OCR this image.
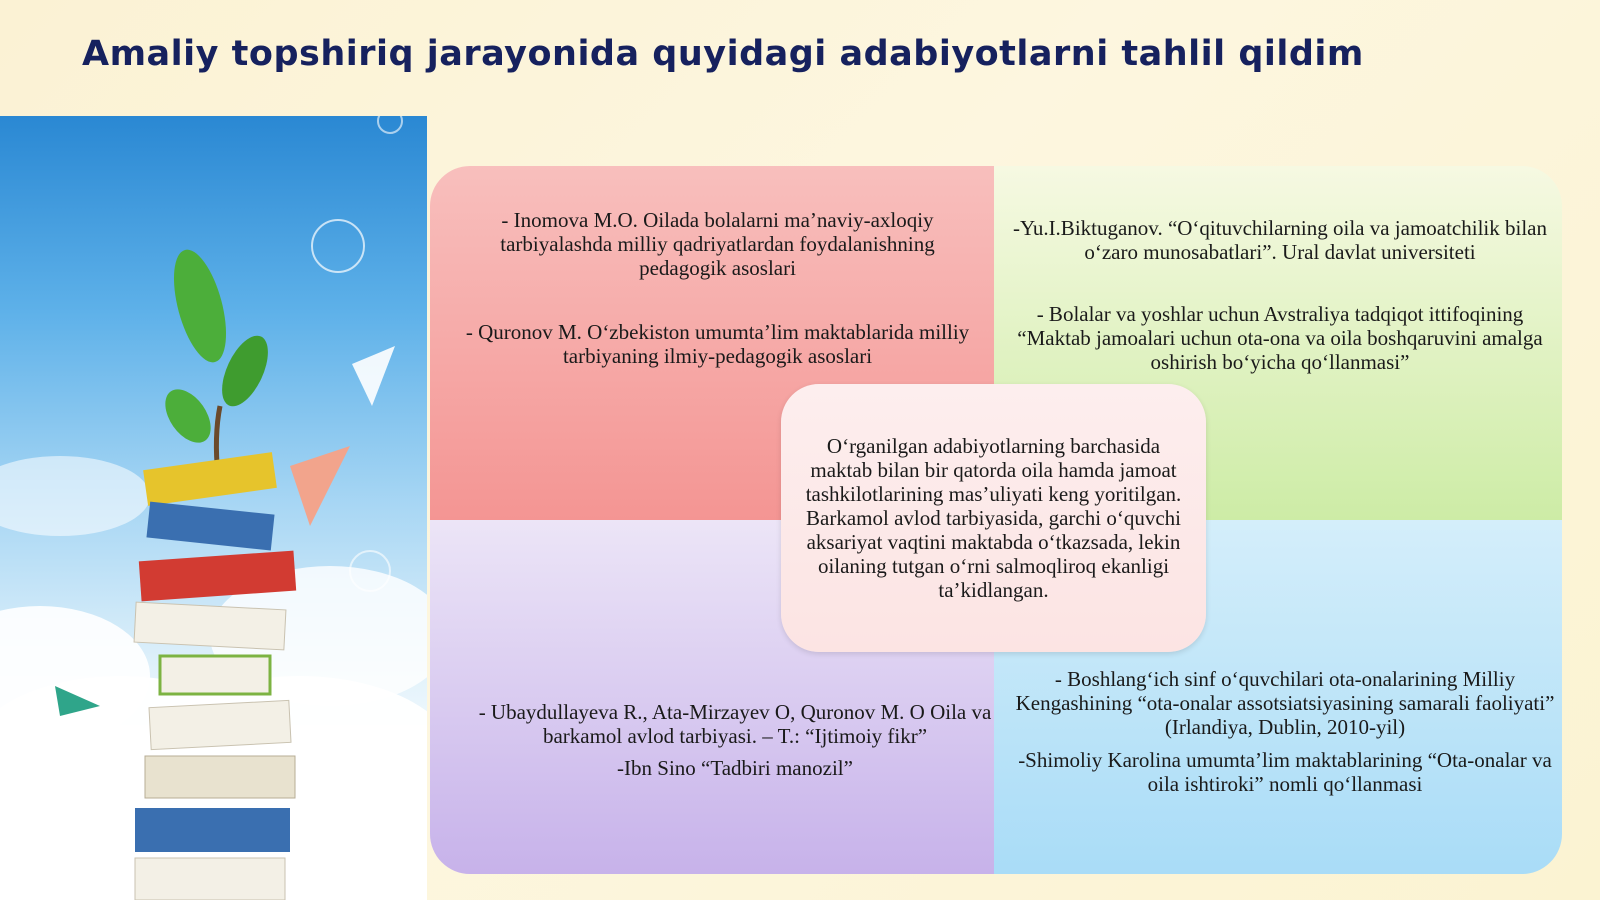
Amaliy topshiriq jarayonida quyidagi adabiyotlarni tahlil qildim

- Inomova M.O. Oilada bolalarni ma’naviy-axloqiy tarbiyalashda milliy qadriyatlardan foydalanishning pedagogik asoslari

- Quronov M. O‘zbekiston umumta’lim maktablarida milliy tarbiyaning ilmiy-pedagogik asoslari

-Yu.I.Biktuganov. “O‘qituvchilarning oila va jamoatchilik bilan o‘zaro munosabatlari”. Ural davlat universiteti

- Bolalar va yoshlar uchun Avstraliya tadqiqot ittifoqining “Maktab jamoalari uchun ota-ona va oila boshqaruvini amalga oshirish bo‘yicha qo‘llanmasi”

- Ubaydullayeva R., Ata-Mirzayev O, Quronov M. O Oila va barkamol avlod tarbiyasi. – T.: “Ijtimoiy fikr”

-Ibn Sino “Tadbiri manozil”

- Boshlang‘ich sinf o‘quvchilari ota-onalarining Milliy Kengashining “ota-onalar assotsiatsiyasining samarali faoliyati” (Irlandiya, Dublin, 2010-yil)

-Shimoliy Karolina umumta’lim maktablarining “Ota-onalar va oila ishtiroki” nomli qo‘llanmasi

O‘rganilgan adabiyotlarning barchasida maktab bilan bir qatorda oila hamda jamoat tashkilotlarining mas’uliyati keng yoritilgan. Barkamol avlod tarbiyasida, garchi o‘quvchi aksariyat vaqtini maktabda o‘tkazsada, lekin oilaning tutgan o‘rni salmoqliroq ekanligi ta’kidlangan.
